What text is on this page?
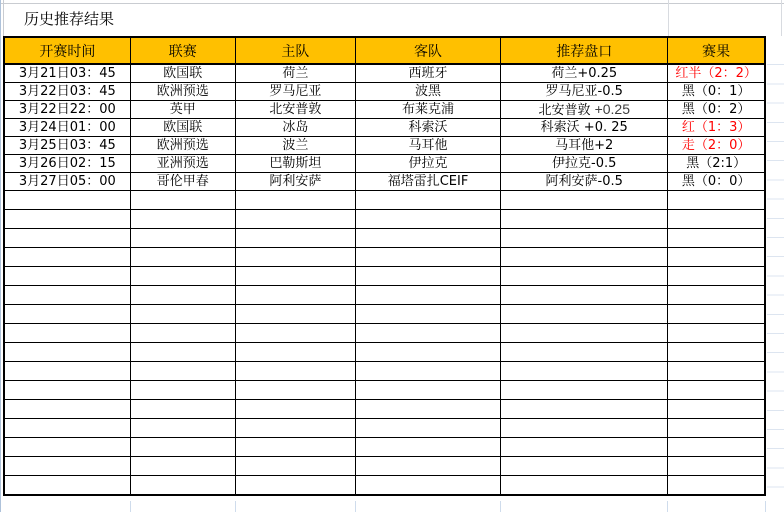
历史推荐结果
开赛时间	联赛	主队	客队	推荐盘口	赛果
3月21日03：45	欧国联	荷兰	西班牙	荷兰+0.25	红半（2：2）
3月22日03：45	欧洲预选	罗马尼亚	波黑	罗马尼亚-0.5	黑（0：1）
3月22日22：00	英甲	北安普敦	布莱克浦	北安普敦 +0.25	黑（0：2）
3月24日01：00	欧国联	冰岛	科索沃	科索沃 +0. 25	红（1：3）
3月25日03：45	欧洲预选	波兰	马耳他	马耳他+2	走（2：0）
3月26日02：15	亚洲预选	巴勒斯坦	伊拉克	伊拉克-0.5	黑（2:1）
3月27日05：00	哥伦甲春	阿利安萨	福塔雷扎CEIF	阿利安萨-0.5	黑（0：0）
